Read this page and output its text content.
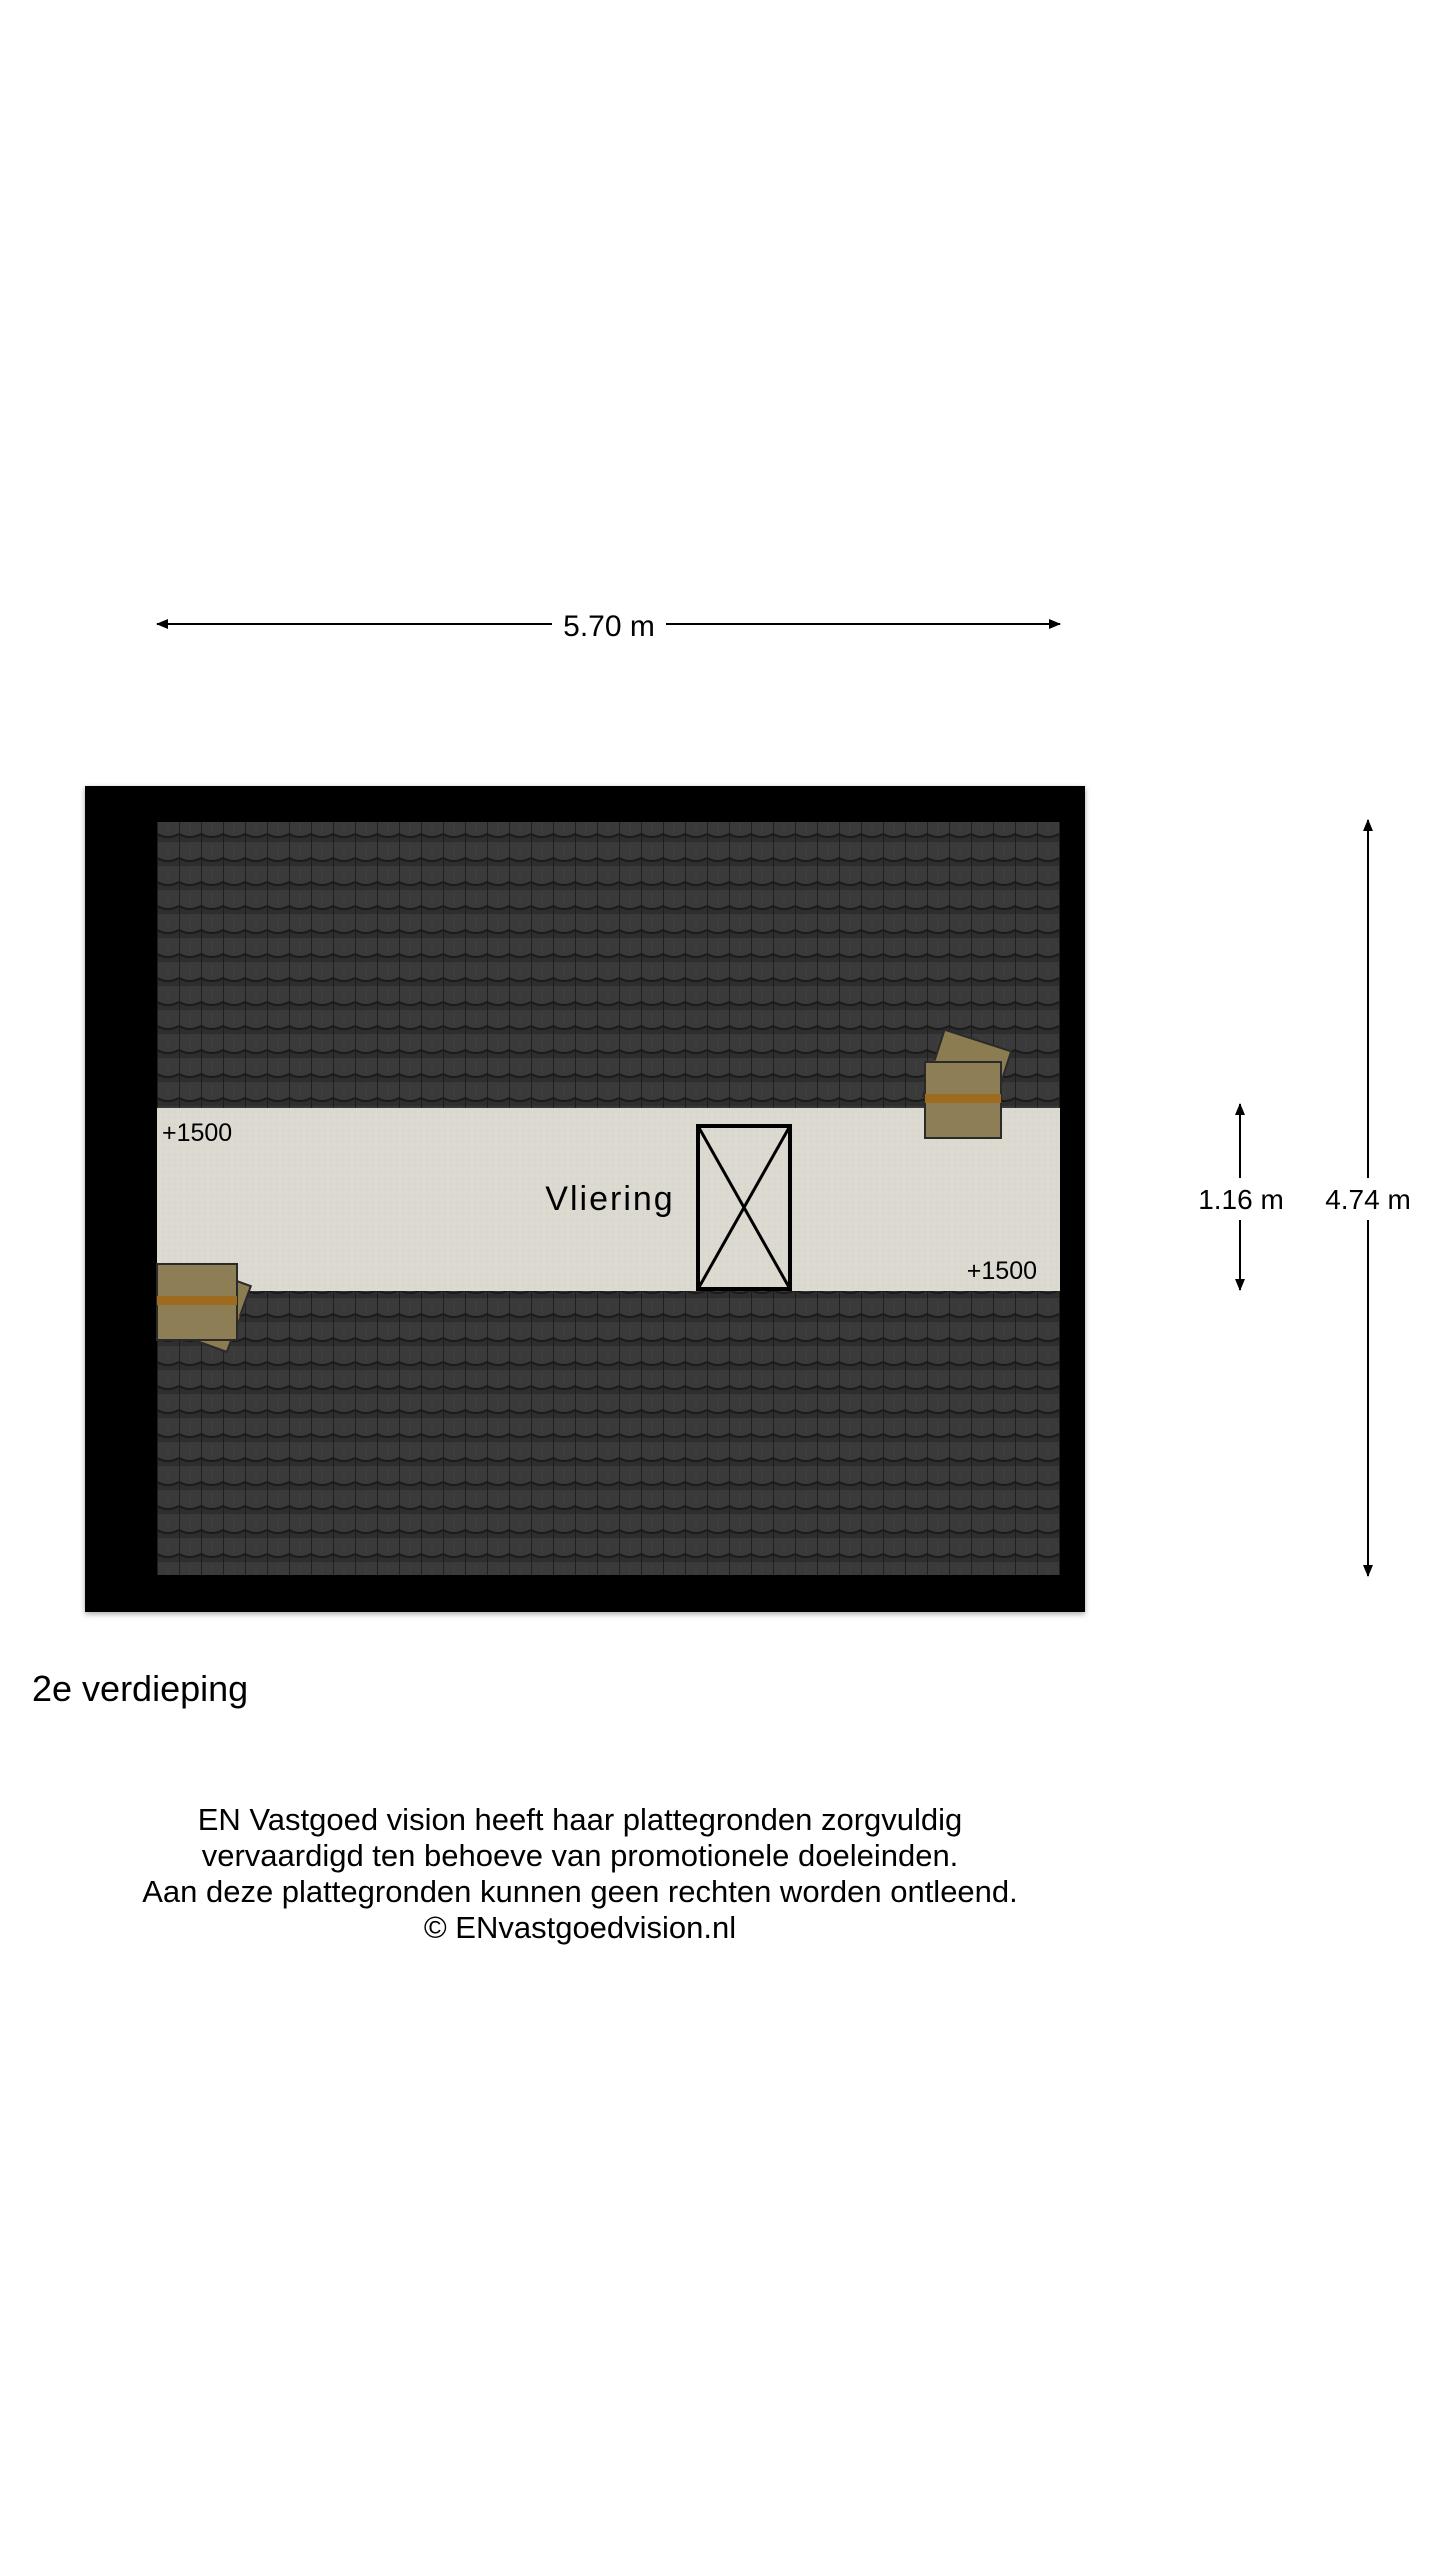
Vliering
+1500
+1500
5.70 m
1.16 m 4.74 m
2e verdieping
EN Vastgoed vision heeft haar plattegronden zorgvuldig
vervaardigd ten behoeve van promotionele doeleinden.
Aan deze plattegronden kunnen geen rechten worden ontleend.
© ENvastgoedvision.nl
